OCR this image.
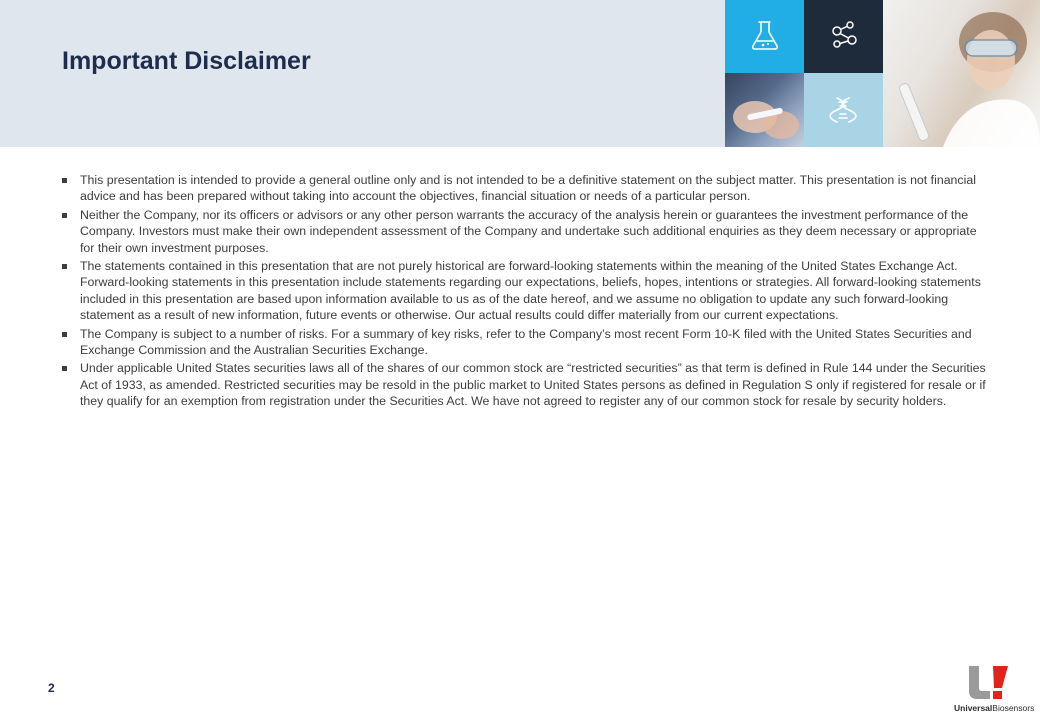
Important Disclaimer
This presentation is intended to provide a general outline only and is not intended to be a definitive statement on the subject matter. This presentation is not financial advice and has been prepared without taking into account the objectives, financial situation or needs of a particular person.
Neither the Company, nor its officers or advisors or any other person warrants the accuracy of the analysis herein or guarantees the investment performance of the Company. Investors must make their own independent assessment of the Company and undertake such additional enquiries as they deem necessary or appropriate for their own investment purposes.
The statements contained in this presentation that are not purely historical are forward-looking statements within the meaning of the United States Exchange Act. Forward-looking statements in this presentation include statements regarding our expectations, beliefs, hopes, intentions or strategies. All forward-looking statements included in this presentation are based upon information available to us as of the date hereof, and we assume no obligation to update any such forward-looking statement as a result of new information, future events or otherwise. Our actual results could differ materially from our current expectations.
The Company is subject to a number of risks. For a summary of key risks, refer to the Company’s most recent Form 10-K filed with the United States Securities and Exchange Commission and the Australian Securities Exchange.
Under applicable United States securities laws all of the shares of our common stock are “restricted securities” as that term is defined in Rule 144 under the Securities Act of 1933, as amended. Restricted securities may be resold in the public market to United States persons as defined in Regulation S only if registered for resale or if they qualify for an exemption from registration under the Securities Act. We have not agreed to register any of our common stock for resale by security holders.
2
UniversalBiosensors
